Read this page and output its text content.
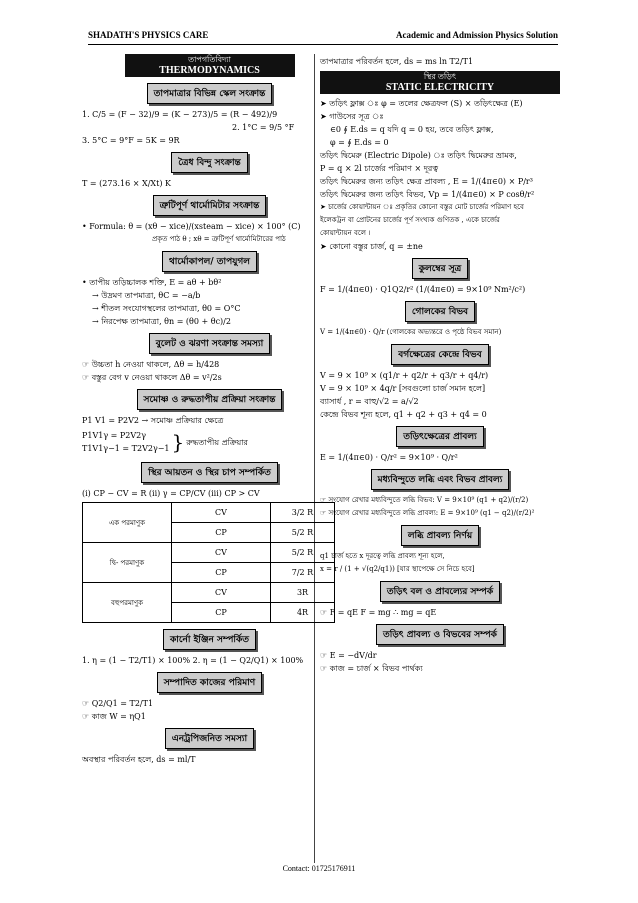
SHADATH'S PHYSICS CARE	Academic and Admission Physics Solution
তাপগতিবিদ্যা
THERMODYNAMICS
তাপমাত্রার বিভিন্ন স্কেল সংক্রান্ত
1. C/5 = (F − 32)/9 = (K − 273)/5 = (R − 492)/9
2. 1°C = 9/5 °F
3. 5°C = 9°F = 5K = 9R
ত্রৈধ বিন্দু সংক্রান্ত
T = (273.16 × X/Xt) K
ত্রুটিপূর্ণ থার্মোমিটার সংক্রান্ত
• Formula: θ = (xθ − xice)/(xsteam − xice) × 100° (C)
প্রকৃত পাঠ θ ; xθ = ত্রুটিপূর্ণ থার্মোমিটারের পাঠ
থার্মোকাপল/ তাপযুগল
• তাপীয় তড়িচ্চালক শক্তি, E = aθ + bθ²
→ উদ্রমণ তাপমাত্রা, θC = −a/b
→ শীতল সংযোগস্থলের তাপমাত্রা, θ0 = O°C
→ নিরপেক্ষ তাপমাত্রা, θn = (θ0 + θc)/2
বুলেট ও ঝরণা সংক্রান্ত সমস্যা
☞ উচ্চতা h নেওয়া থাকলে, Δθ = h/428
☞ বস্তুর বেগ v নেওয়া থাকলে Δθ = v²/2s
সমোষ্ণ ও রুদ্ধতাপীয় প্রক্রিয়া সংক্রান্ত
P1 V1 = P2V2 → সমোষ্ণ প্রক্রিয়ার ক্ষেত্রে
P1V1γ = P2V2γ
T1V1γ−1 = T2V2γ−1 } রুদ্ধতাপীয় প্রক্রিয়ার
স্থির আয়তন ও স্থির চাপ সম্পর্কিত
(i) CP − CV = R (ii) γ = CP/CV (iii) CP > CV
এক পরমাণুক	CV	3/2 R
	CP	5/2 R
দ্বি- পরমাণুক	CV	5/2 R
	CP	7/2 R
বহুপরমাণুক	CV	3R
	CP	4R
কার্নো ইঞ্জিন সম্পর্কিত
1. η = (1 − T2/T1) × 100% 2. η = (1 − Q2/Q1) × 100%
সম্পাদিত কাজের পরিমাণ
☞ Q2/Q1 = T2/T1
☞ কাজ W = ηQ1
এনট্রপিজনিত সমস্যা
অবস্থার পরিবর্তন হলে, ds = ml/T
তাপমাত্রার পরিবর্তন হলে, ds = ms ln T2/T1
স্থির তড়িৎ
STATIC ELECTRICITY
➤ তড়িৎ ফ্লাক্স ঃ φ = তলের ক্ষেত্রফল (S) × তড়িৎক্ষেত্র (E)
➤ গাউসের সূত্র ঃ
∈0 ∮ E.ds = q যদি q = 0 হয়, তবে তড়িৎ ফ্লাক্স,
φ = ∮ E.ds = 0
তড়িৎ দ্বিমেরু (Electric Dipole) ঃ তড়িৎ দ্বিমেরুর ভ্রামক,
P = q × 2l চার্জের পরিমাণ × দূরত্ব
তড়িৎ দ্বিমেরুর জন্য তড়িৎ ক্ষেত্র প্রাবল্য , E = 1/(4π∈0) × P/r³
তড়িৎ দ্বিমেরুর জন্য তড়িৎ বিভব, Vp = 1/(4π∈0) × P cosθ/r²
➤ চার্জের কোয়ান্টায়ন ঃ প্রকৃতির কোনো বস্তুর মোট চার্জের পরিমাণ হবে
ইলেকট্রন বা প্রোটনের চার্জের পূর্ণ সংখ্যক গুণিতক , একে চার্জের
কোয়ান্টায়ন বলে ।
➤ কোনো বস্তুর চার্জ, q = ±ne
কুলম্বের সূত্র
F = 1/(4π∈0) · Q1Q2/r² (1/(4π∈0) = 9×10⁹ Nm²/c²)
গোলকের বিভব
V = 1/(4π∈0) · Q/r (গোলকের অভ্যন্তরে ও পৃষ্ঠে বিভব সমান)
বর্গক্ষেত্রের কেন্দ্রে বিভব
V = 9 × 10⁹ × (q1/r + q2/r + q3/r + q4/r)
V = 9 × 10⁹ × 4q/r [সবগুলো চার্জ সমান হলে]
ব্যাসার্ধ , r = বাহু/√2 = a/√2
কেন্দ্রে বিভব শূন্য হলে, q1 + q2 + q3 + q4 = 0
তড়িৎক্ষেত্রের প্রাবল্য
E = 1/(4π∈0) · Q/r² = 9×10⁹ · Q/r²
মধ্যবিন্দুতে লব্ধি এবং বিভব প্রাবল্য
☞ সংযোগ রেখার মধ্যবিন্দুতে লব্ধি বিভব: V = 9×10⁹ (q1 + q2)/(r/2)
☞ সংযোগ রেখার মধ্যবিন্দুতে লব্ধি প্রাবল্য: E = 9×10⁹ (q1 − q2)/(r/2)²
লব্ধি প্রাবল্য নির্ণয়
q1 চার্জ হতে x দূরত্বে লব্ধি প্রাবল্য শূন্য হলে,
x = r / (1 + √(q2/q1)) [যার স্থাপেক্ষে সে নিচে হবে]
তড়িৎ বল ও প্রাবল্যের সম্পর্ক
☞ F = qE F = mg ∴ mg = qE
তড়িৎ প্রাবল্য ও বিভবের সম্পর্ক
☞ E = −dV/dr
☞ কাজ = চার্জ × বিভব পার্থক্য
Contact: 01725176911
